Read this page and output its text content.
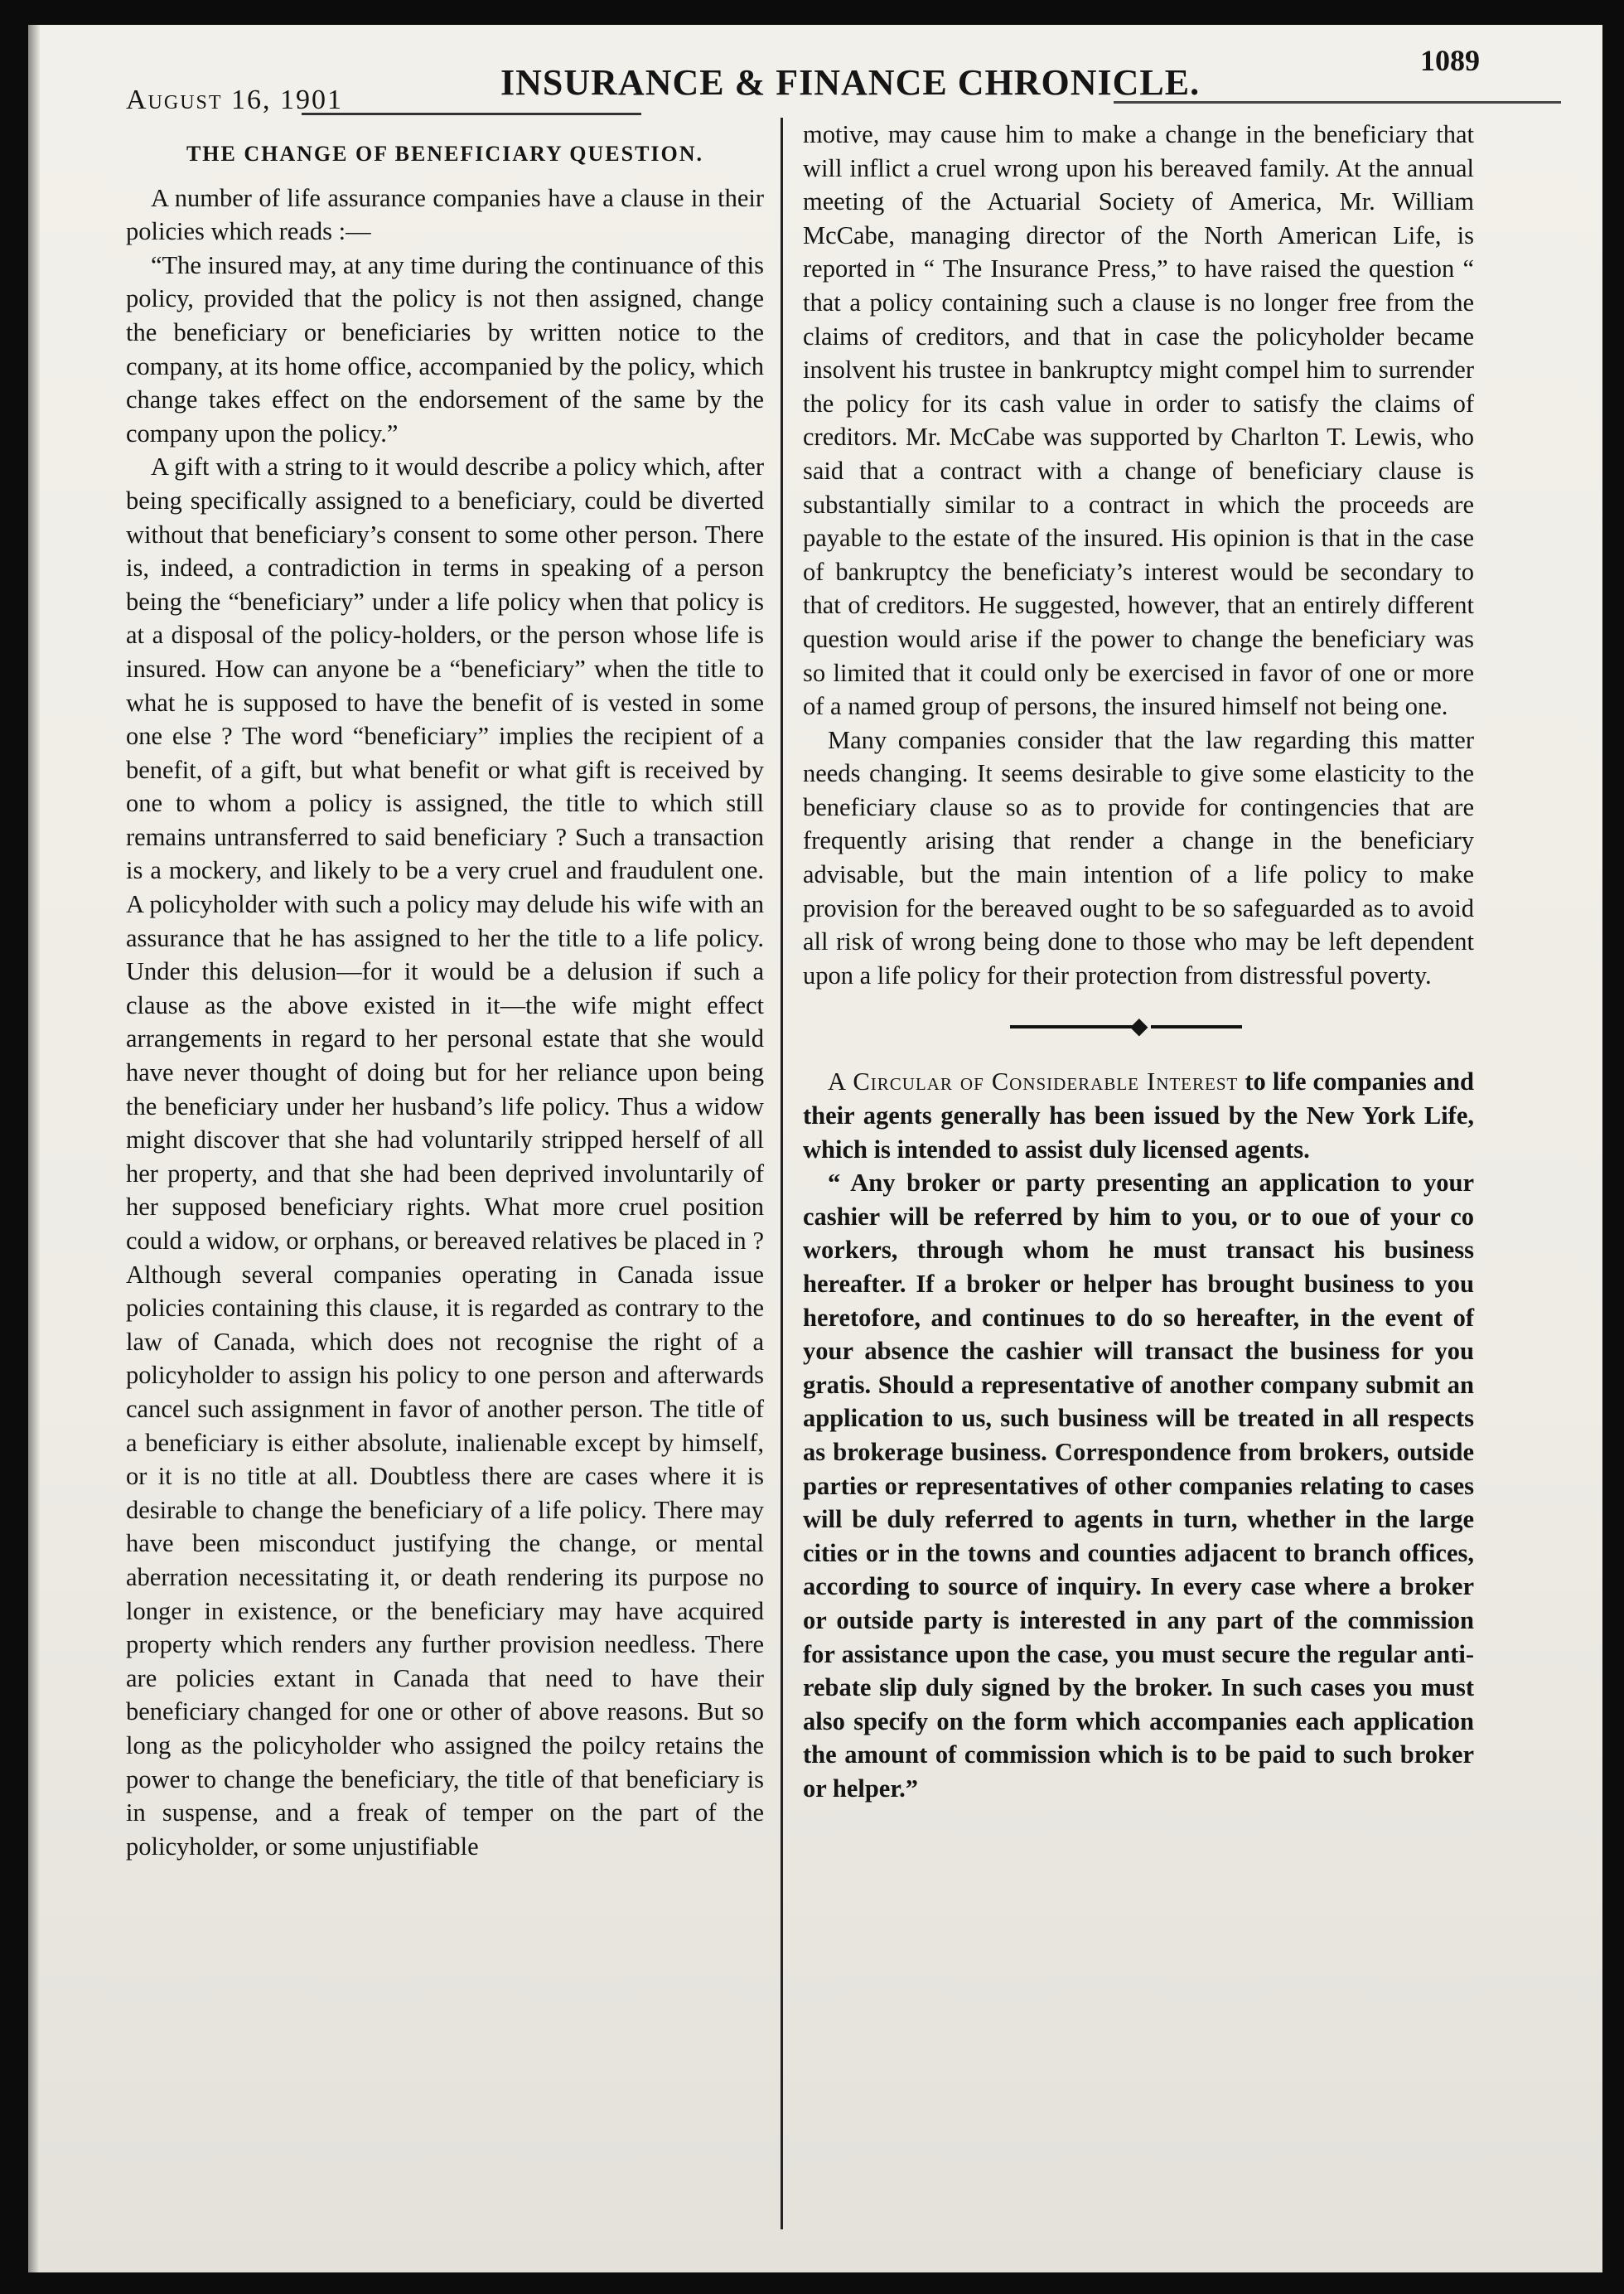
August 16, 1901	INSURANCE & FINANCE CHRONICLE.
1089
THE CHANGE OF BENEFICIARY QUESTION.

A number of life assurance companies have a clause in their policies which reads :—

“The insured may, at any time during the continuance of this policy, provided that the policy is not then assigned, change the beneficiary or beneficiaries by written notice to the company, at its home office, accompanied by the policy, which change takes effect on the endorsement of the same by the company upon the policy.”

A gift with a string to it would describe a policy which, after being specifically assigned to a beneficiary, could be diverted without that beneficiary’s consent to some other person. There is, indeed, a contradiction in terms in speaking of a person being the “beneficiary” under a life policy when that policy is at a disposal of the policy-holders, or the person whose life is insured. How can anyone be a “beneficiary” when the title to what he is supposed to have the benefit of is vested in some one else ? The word “beneficiary” implies the recipient of a benefit, of a gift, but what benefit or what gift is received by one to whom a policy is assigned, the title to which still remains untransferred to said beneficiary ? Such a transaction is a mockery, and likely to be a very cruel and fraudulent one. A policyholder with such a policy may delude his wife with an assurance that he has assigned to her the title to a life policy. Under this delusion—for it would be a delusion if such a clause as the above existed in it—the wife might effect arrangements in regard to her personal estate that she would have never thought of doing but for her reliance upon being the beneficiary under her husband’s life policy. Thus a widow might discover that she had voluntarily stripped herself of all her property, and that she had been deprived involuntarily of her supposed beneficiary rights. What more cruel position could a widow, or orphans, or bereaved relatives be placed in ? Although several companies operating in Canada issue policies containing this clause, it is regarded as contrary to the law of Canada, which does not recognise the right of a policyholder to assign his policy to one person and afterwards cancel such assignment in favor of another person. The title of a beneficiary is either absolute, inalienable except by himself, or it is no title at all. Doubtless there are cases where it is desirable to change the beneficiary of a life policy. There may have been misconduct justifying the change, or mental aberration necessitating it, or death rendering its purpose no longer in existence, or the beneficiary may have acquired property which renders any further provision needless. There are policies extant in Canada that need to have their beneficiary changed for one or other of above reasons. But so long as the policyholder who assigned the poilcy retains the power to change the beneficiary, the title of that beneficiary is in suspense, and a freak of temper on the part of the policyholder, or some unjustifiable

motive, may cause him to make a change in the beneficiary that will inflict a cruel wrong upon his bereaved family. At the annual meeting of the Actuarial Society of America, Mr. William McCabe, managing director of the North American Life, is reported in “ The Insurance Press,” to have raised the question “ that a policy containing such a clause is no longer free from the claims of creditors, and that in case the policyholder became insolvent his trustee in bankruptcy might compel him to surrender the policy for its cash value in order to satisfy the claims of creditors. Mr. McCabe was supported by Charlton T. Lewis, who said that a contract with a change of beneficiary clause is substantially similar to a contract in which the proceeds are payable to the estate of the insured. His opinion is that in the case of bankruptcy the beneficiaty’s interest would be secondary to that of creditors. He suggested, however, that an entirely different question would arise if the power to change the beneficiary was so limited that it could only be exercised in favor of one or more of a named group of persons, the insured himself not being one.

Many companies consider that the law regarding this matter needs changing. It seems desirable to give some elasticity to the beneficiary clause so as to provide for contingencies that are frequently arising that render a change in the beneficiary advisable, but the main intention of a life policy to make provision for the bereaved ought to be so safeguarded as to avoid all risk of wrong being done to those who may be left dependent upon a life policy for their protection from distressful poverty.

◆

A Circular of Considerable Interest to life companies and their agents generally has been issued by the New York Life, which is intended to assist duly licensed agents.

“ Any broker or party presenting an application to your cashier will be referred by him to you, or to oue of your co workers, through whom he must transact his business hereafter. If a broker or helper has brought business to you heretofore, and continues to do so hereafter, in the event of your absence the cashier will transact the business for you gratis. Should a representative of another company submit an application to us, such business will be treated in all respects as brokerage business. Correspondence from brokers, outside parties or representatives of other companies relating to cases will be duly referred to agents in turn, whether in the large cities or in the towns and counties adjacent to branch offices, according to source of inquiry. In every case where a broker or outside party is interested in any part of the commission for assistance upon the case, you must secure the regular anti-rebate slip duly signed by the broker. In such cases you must also specify on the form which accompanies each application the amount of commission which is to be paid to such broker or helper.”
